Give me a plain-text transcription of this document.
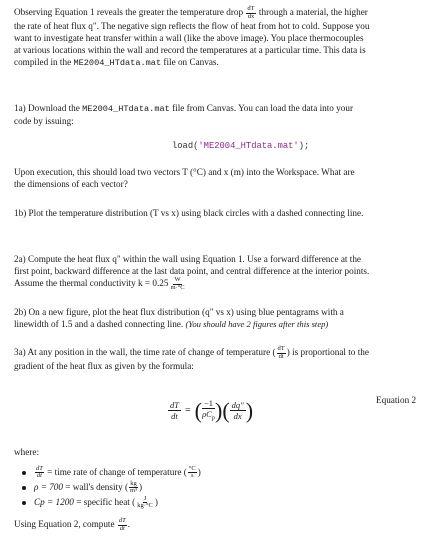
Observing Equation 1 reveals the greater the temperature drop $\frac{dT}{dx}$ through a material, the higher
the rate of heat flux q". The negative sign reflects the flow of heat from hot to cold. Suppose you
want to investigate heat transfer within a wall (like the above image). You place thermocouples
at various locations within the wall and record the temperatures at a particular time. This data is
compiled in the ME2004_HTdata.mat file on Canvas.
1a) Download the ME2004_HTdata.mat file from Canvas. You can load the data into your
code by issuing:
load('ME2004_HTdata.mat');
Upon execution, this should load two vectors T (°C) and x (m) into the Workspace. What are
the dimensions of each vector?
1b) Plot the temperature distribution (T vs x) using black circles with a dashed connecting line.
2a) Compute the heat flux q" within the wall using Equation 1. Use a forward difference at the
first point, backward difference at the last data point, and central difference at the interior points.
Assume the thermal conductivity $k = 0.25 \frac{W}{m\cdot^\circ C}$
2b) On a new figure, plot the heat flux distribution (q" vs x) using blue pentagrams with a
linewidth of 1.5 and a dashed connecting line. (You should have 2 figures after this step)
3a) At any position in the wall, the time rate of change of temperature ( $\frac{dT}{dt}$ ) is proportional to the
gradient of the heat flux as given by the formula:
$\frac{dT}{dt}$ = ( $\frac{-1}{\rho C_p}$ ) ( $\frac{dq"}{dx}$ )	Equation 2
where:
$\frac{dT}{dt}$
= time rate of change of temperature ( $\frac{^\circ C}{s}$ )
ρ = 700
= wall's density ( $\frac{kg}{\text{m³}}$ )
Cp = 1200
= specific heat ( $\frac{J}{kg\cdot^\circ C}$ )
Using Equation 2, compute $\frac{dT}{dt}$ .
